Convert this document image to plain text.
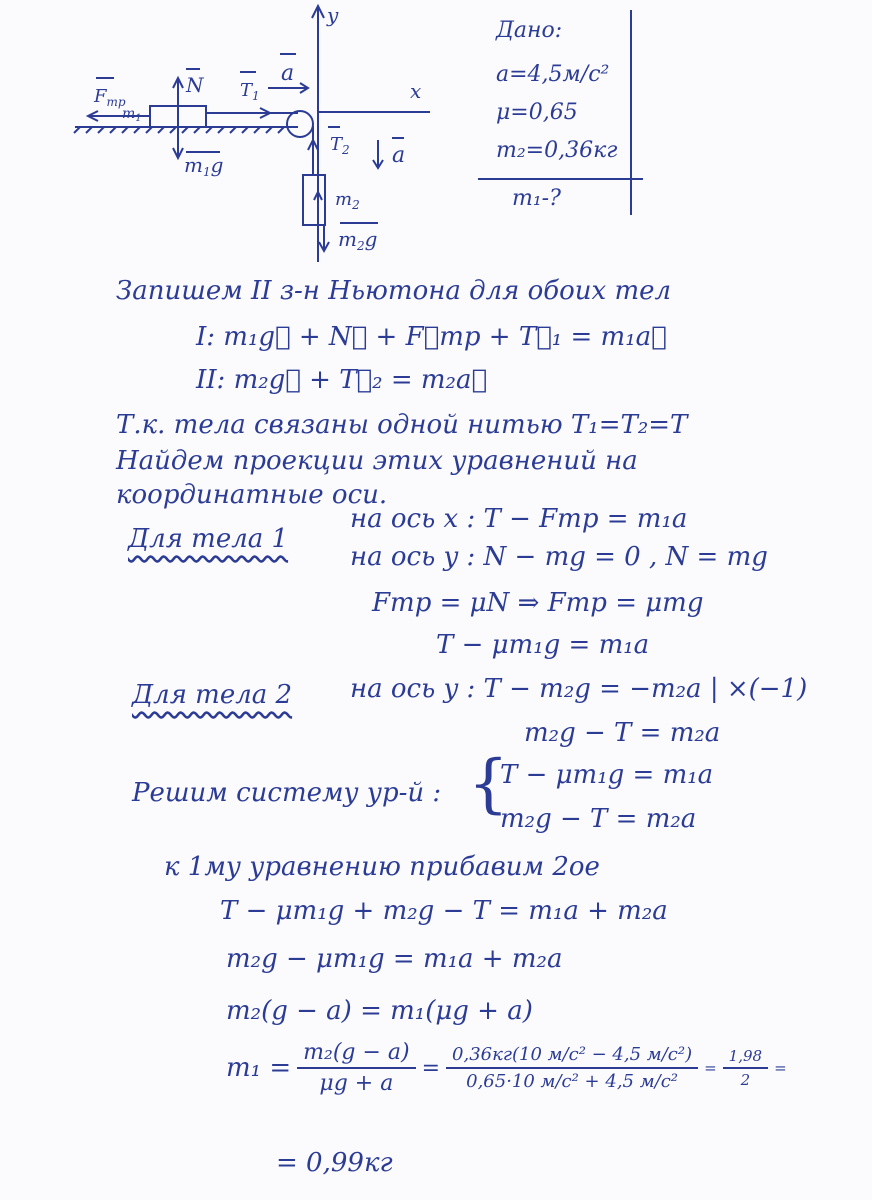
y
x
a
N $T_1$
$F_{тр}$
$m_1$
$m_1g$
$T_2$ a
$m_2$
$m_2g$
Дано:
a=4,5м/с²
μ=0,65
m₂=0,36кг
m₁-?
Запишем II з-н Ньютона для обоих тел
I: m₁g⃗ + N⃗ + F⃗тр + T⃗₁ = m₁a⃗
II: m₂g⃗ + T⃗₂ = m₂a⃗
Т.к. тела связаны одной нитью T₁=T₂=T
Найдем проекции этих уравнений на
координатные оси.
Для тела 1
на ось x : T − Fтр = m₁a
на ось y : N − mg = 0 , N = mg
Fтр = μN ⇒ Fтр = μmg
T − μm₁g = m₁a
Для тела 2 на ось y : T − m₂g = −m₂a | ×(−1)
m₂g − T = m₂a
Решим систему ур-й : {
T − μm₁g = m₁a
m₂g − T = m₂a
к 1му уравнению прибавим 2ое
T − μm₁g + m₂g − T = m₁a + m₂a
m₂g − μm₁g = m₁a + m₂a
m₂(g − a) = m₁(μg + a)
$m_1 = \frac{\text{m₂(g − a)}}{\mu g + a} = \frac{\text{0,36кг(10 м/с² − 4,5 м/с²)}}{\text{0,65·10 м/с² + 4,5 м/с²}} = \frac{1,98}{2}$ =
= 0,99кг
